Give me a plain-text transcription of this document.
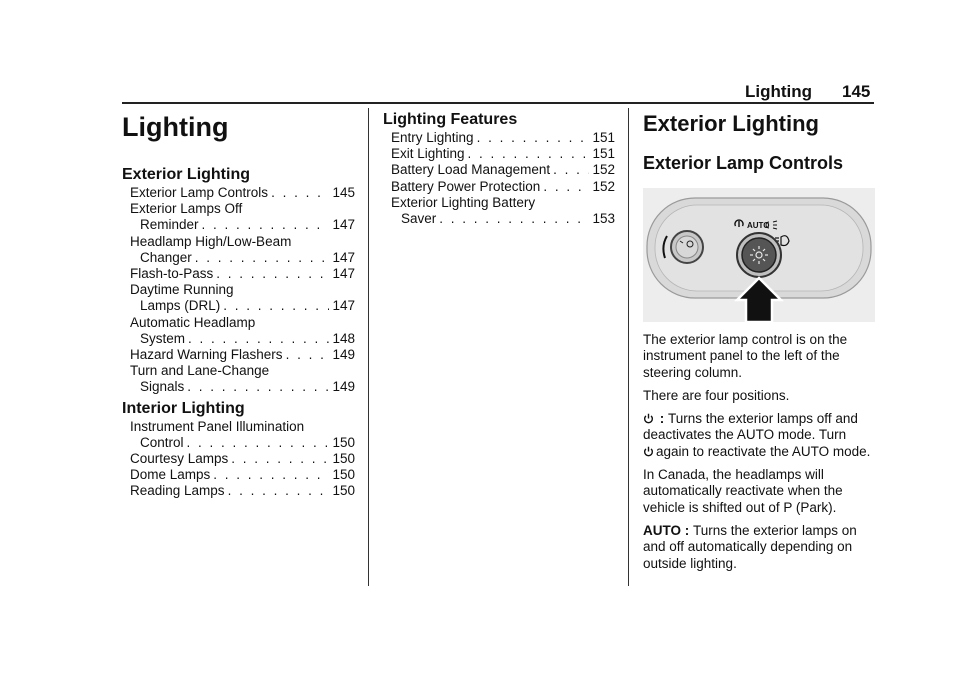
Lighting 145
Lighting
Exterior Lighting
Exterior Lamp Controls . . .	145
Exterior Lamps Off
Reminder . . .	147
Headlamp High/Low-Beam
Changer . . .	147
Flash-to-Pass . . .	147
Daytime Running
Lamps (DRL) . . .	147
Automatic Headlamp
System . . .	148
Hazard Warning Flashers . . .	149
Turn and Lane-Change
Signals . . .	149
Interior Lighting
Instrument Panel Illumination
Control . . .	150
Courtesy Lamps . . .	150
Dome Lamps . . .	150
Reading Lamps . . .	150
Lighting Features
Entry Lighting . . .	151
Exit Lighting . . .	151
Battery Load Management . . .	152
Battery Power Protection . . .	152
Exterior Lighting Battery
Saver . . .	153
Exterior Lighting
Exterior Lamp Controls
AUTO

The exterior lamp control is on the instrument panel to the left of the steering column.

There are four positions.

: Turns the exterior lamps off and deactivates the AUTO mode. Turn
again to reactivate the AUTO mode.

In Canada, the headlamps will automatically reactivate when the vehicle is shifted out of P (Park).

AUTO : Turns the exterior lamps on and off automatically depending on outside lighting.
